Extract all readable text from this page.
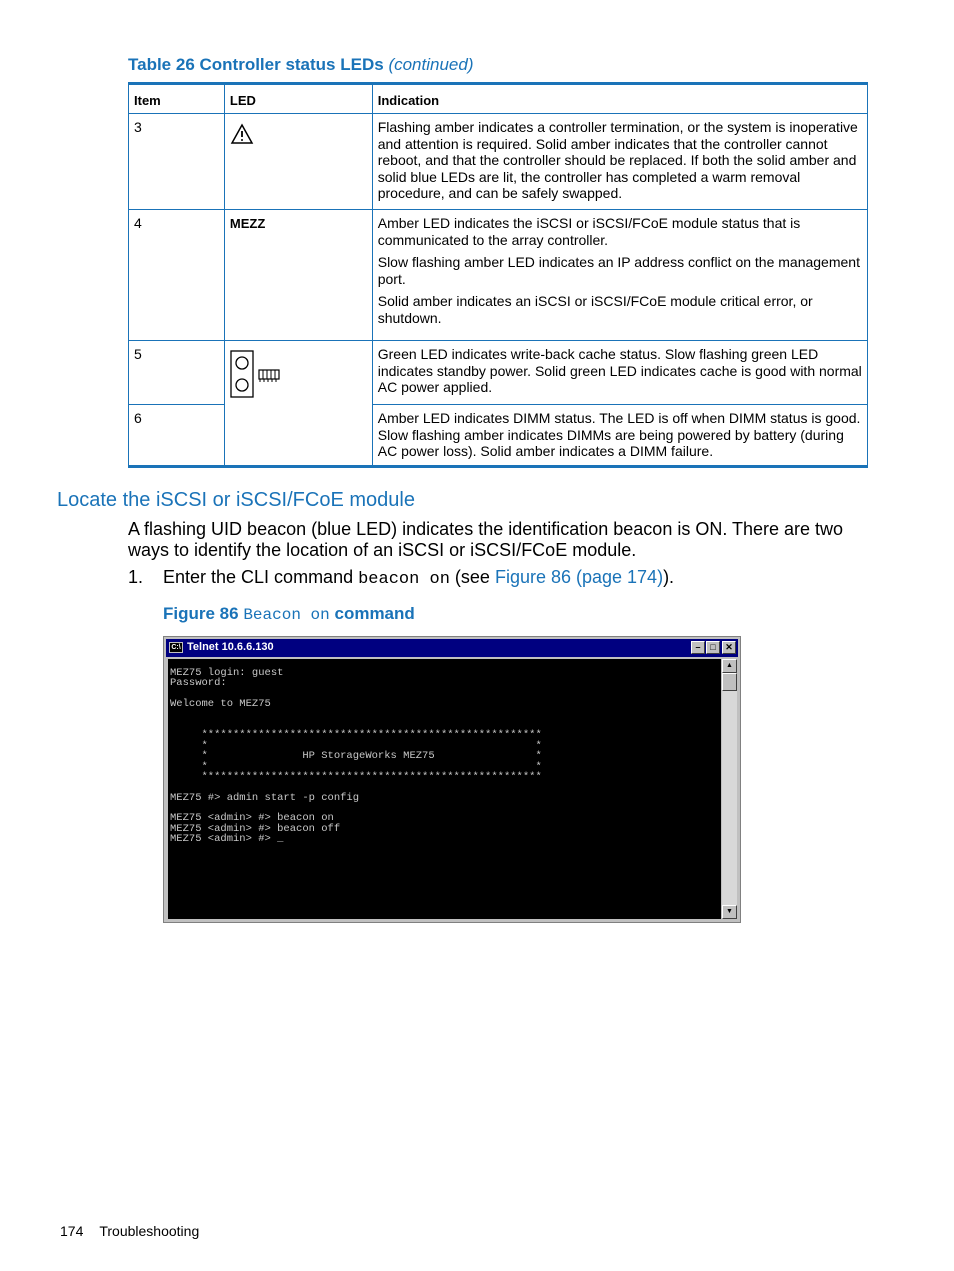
Table 26 Controller status LEDs (continued)
Item	LED	Indication
3		Flashing amber indicates a controller termination, or the system is inoperative and attention is required. Solid amber indicates that the controller cannot reboot, and that the controller should be replaced. If both the solid amber and solid blue LEDs are lit, the controller has completed a warm removal procedure, and can be safely swapped.

4	MEZZ	Amber LED indicates the iSCSI or iSCSI/FCoE module status that is communicated to the array controller.

Slow flashing amber LED indicates an IP address conflict on the management port.

Solid amber indicates an iSCSI or iSCSI/FCoE module critical error, or shutdown.

5		Green LED indicates write-back cache status. Slow flashing green LED indicates standby power. Solid green LED indicates cache is good with normal AC power applied.

6		Amber LED indicates DIMM status. The LED is off when DIMM status is good. Slow flashing amber indicates DIMMs are being powered by battery (during AC power loss). Solid amber indicates a DIMM failure.

Locate the iSCSI or iSCSI/FCoE module

A flashing UID beacon (blue LED) indicates the identification beacon is ON. There are two ways to identify the location of an iSCSI or iSCSI/FCoE module.

1. Enter the CLI command beacon on (see Figure 86 (page 174)).
Figure 86 Beacon on command
C:\ Telnet 10.6.6.130	–	□	✕
MEZ75 login: guest
Password:
Welcome to MEZ75
******************************************************
*                                                    *
*               HP StorageWorks MEZ75                *
*                                                    *
******************************************************
MEZ75 #> admin start -p config
MEZ75 <admin> #> beacon on
MEZ75 <admin> #> beacon off
MEZ75 <admin> #> _
▲
▼
174 Troubleshooting
